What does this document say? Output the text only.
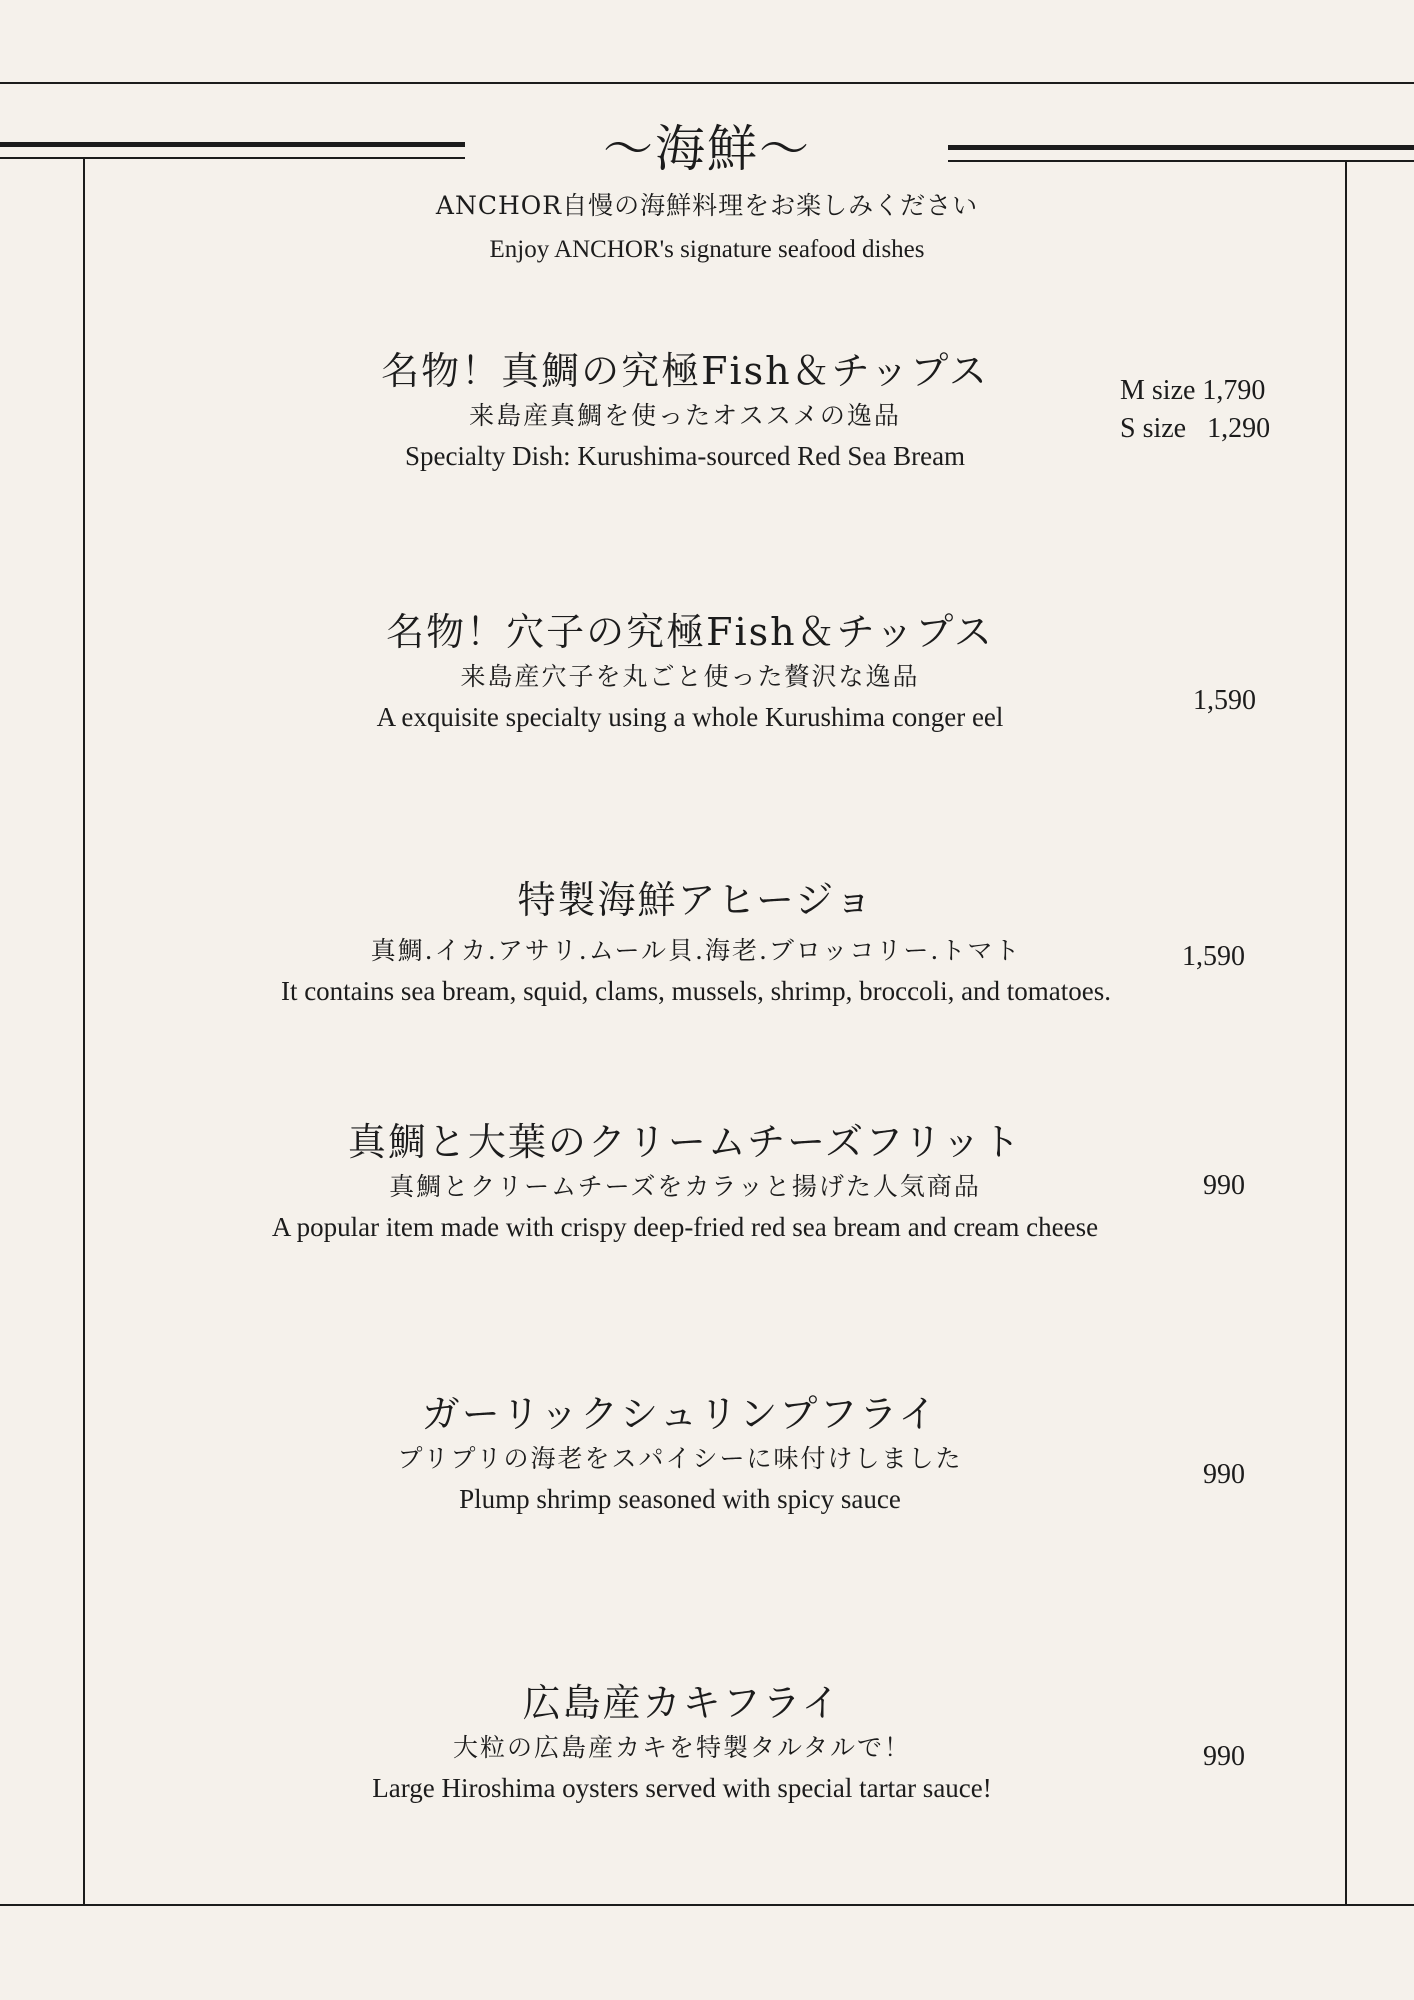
〜海鮮〜
ANCHOR自慢の海鮮料理をお楽しみください
Enjoy ANCHOR's signature seafood dishes
名物！真鯛の究極Fish＆チップス
来島産真鯛を使ったオススメの逸品
Specialty Dish: Kurushima-sourced Red Sea Bream
M size 1,790
S size   1,290
名物！穴子の究極Fish＆チップス
来島産穴子を丸ごと使った贅沢な逸品
A exquisite specialty using a whole Kurushima conger eel
1,590
特製海鮮アヒージョ
真鯛.イカ.アサリ.ムール貝.海老.ブロッコリー.トマト
It contains sea bream, squid, clams, mussels, shrimp, broccoli, and tomatoes.
1,590
真鯛と大葉のクリームチーズフリット
真鯛とクリームチーズをカラッと揚げた人気商品
A popular item made with crispy deep-fried red sea bream and cream cheese
990
ガーリックシュリンプフライ
プリプリの海老をスパイシーに味付けしました
Plump shrimp seasoned with spicy sauce
990
広島産カキフライ
大粒の広島産カキを特製タルタルで！
Large Hiroshima oysters served with special tartar sauce!
990
